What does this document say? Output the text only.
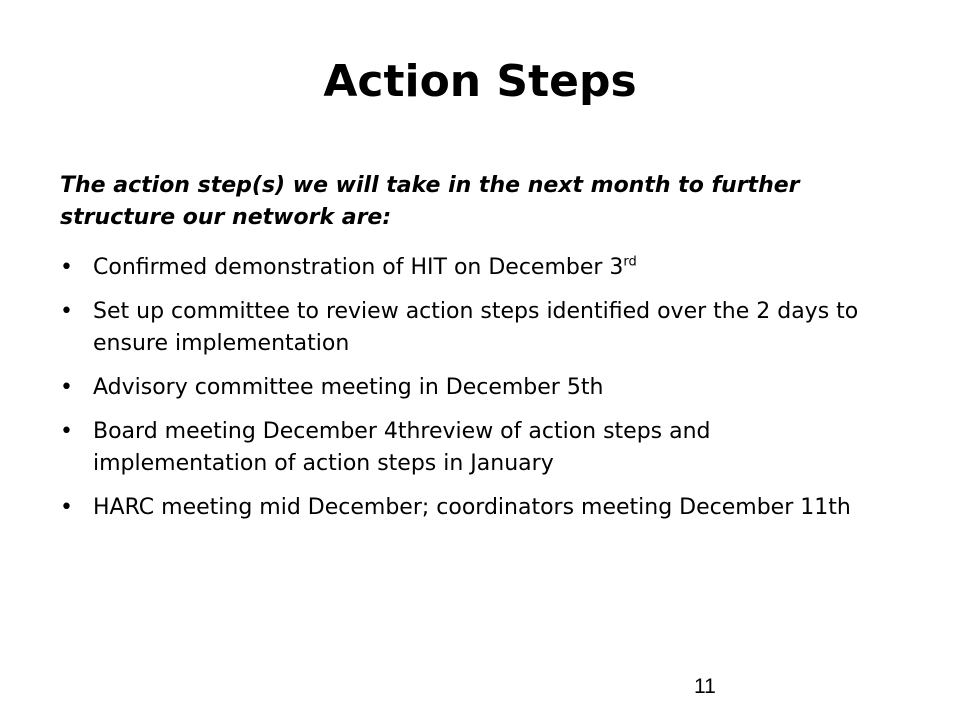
Action Steps

The action step(s) we will take in the next month to further structure our network are:

• Confirmed demonstration of HIT on December 3rd
• Set up committee to review action steps identified over the 2 days to ensure implementation
• Advisory committee meeting in December 5th
• Board meeting December 4threview of action steps and implementation of action steps in January
• HARC meeting mid December; coordinators meeting December 11th
11
